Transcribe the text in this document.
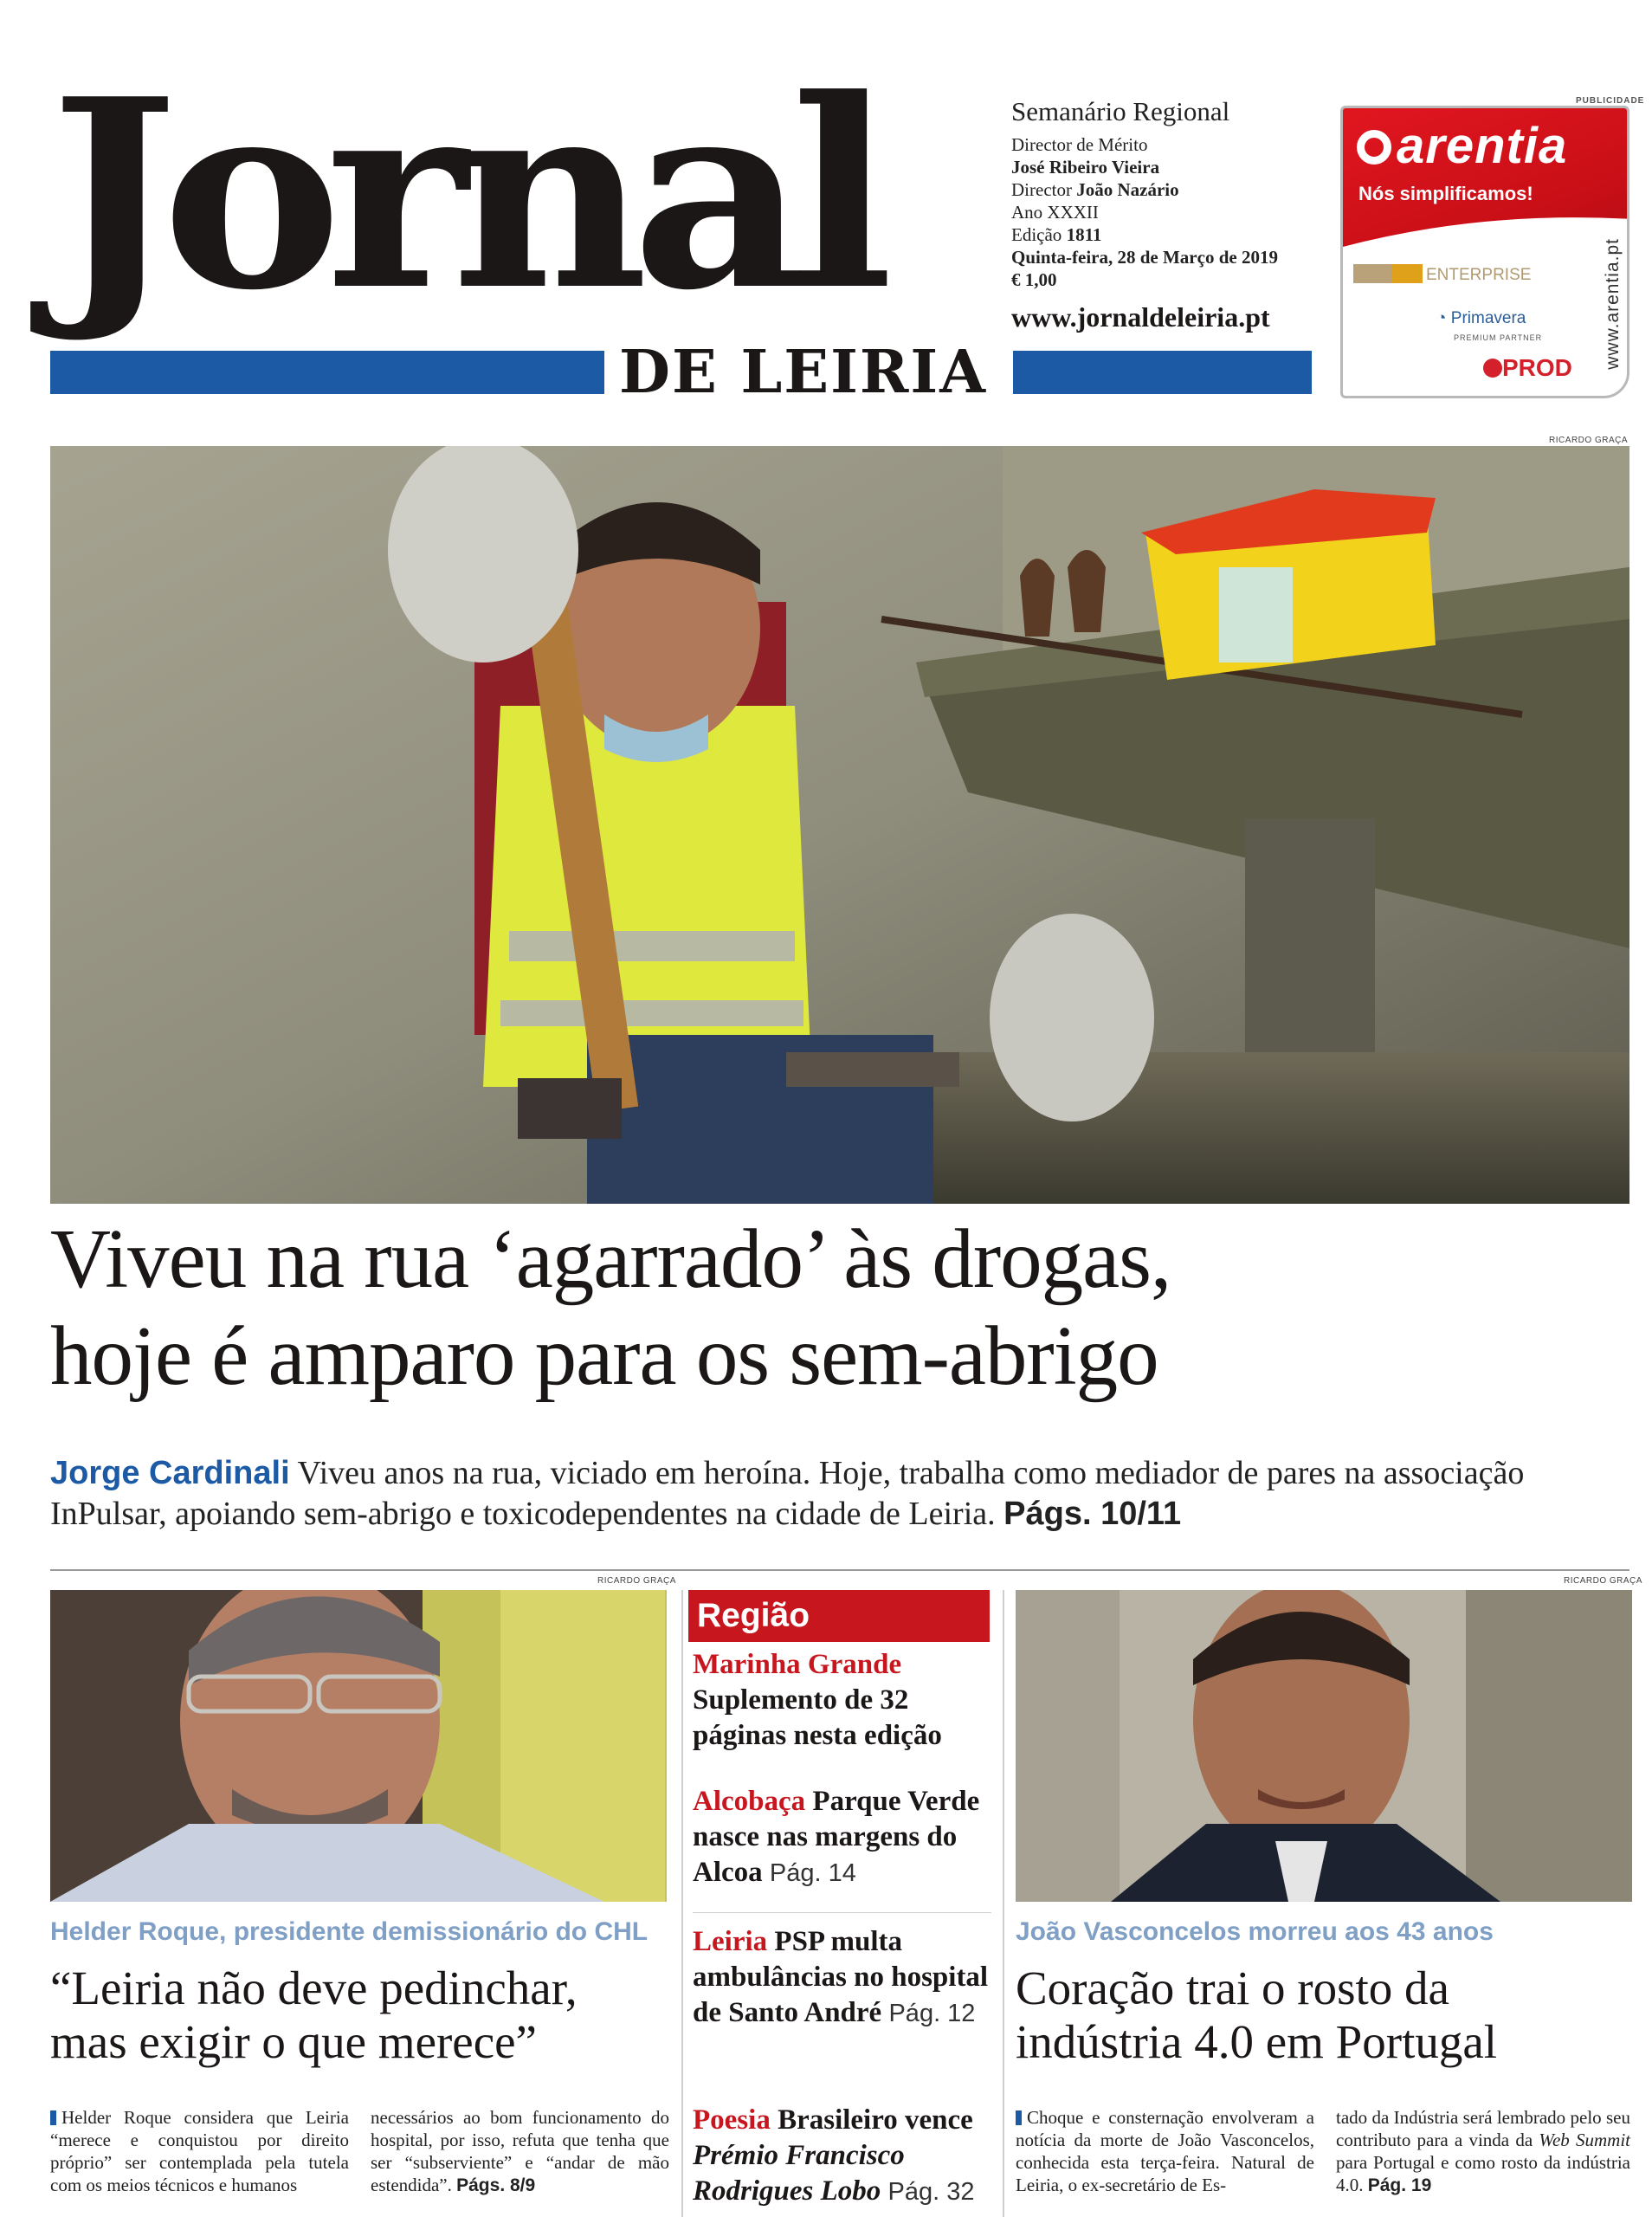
Jornal
DE LEIRIA
Semanário Regional
Director de Mérito
José Ribeiro Vieira
Director João Nazário
Ano XXXII
Edição 1811
Quinta-feira, 28 de Março de 2019
€ 1,00
www.jornaldeleiria.pt
PUBLICIDADE
arentia
Nós simplificamos!
ENTERPRISE
◔ Primavera
PREMIUM PARTNER
PROD www.arentia.pt
RICARDO GRAÇA
Viveu na rua ‘agarrado’ às drogas,
hoje é amparo para os sem-abrigo
Jorge Cardinali Viveu anos na rua, viciado em heroína. Hoje, trabalha como mediador de pares na associação InPulsar, apoiando sem-abrigo e toxicodependentes na cidade de Leiria. Págs. 10/11
RICARDO GRAÇA
Helder Roque, presidente demissionário do CHL
“Leiria não deve pedinchar,
mas exigir o que merece”
Helder Roque considera que Leiria “merece e conquistou por direito próprio” ser contemplada pela tutela com os meios técnicos e humanos
necessários ao bom funcionamento do hospital, por isso, refuta que tenha que ser “subserviente” e “andar de mão estendida”. Págs. 8/9
Região
Marinha Grande
Suplemento de 32 páginas nesta edição
Alcobaça Parque Verde nasce nas margens do Alcoa Pág. 14
Leiria PSP multa ambulâncias no hospital de Santo André Pág. 12
Poesia Brasileiro vence Prémio Francisco Rodrigues Lobo Pág. 32
RICARDO GRAÇA
João Vasconcelos morreu aos 43 anos
Coração trai o rosto da
indústria 4.0 em Portugal
Choque e consternação envolveram a notícia da morte de João Vasconcelos, conhecida esta terça-feira. Natural de Leiria, o ex-secretário de Es-
tado da Indústria será lembrado pelo seu contributo para a vinda da Web Summit para Portugal e como rosto da indústria 4.0. Pág. 19
